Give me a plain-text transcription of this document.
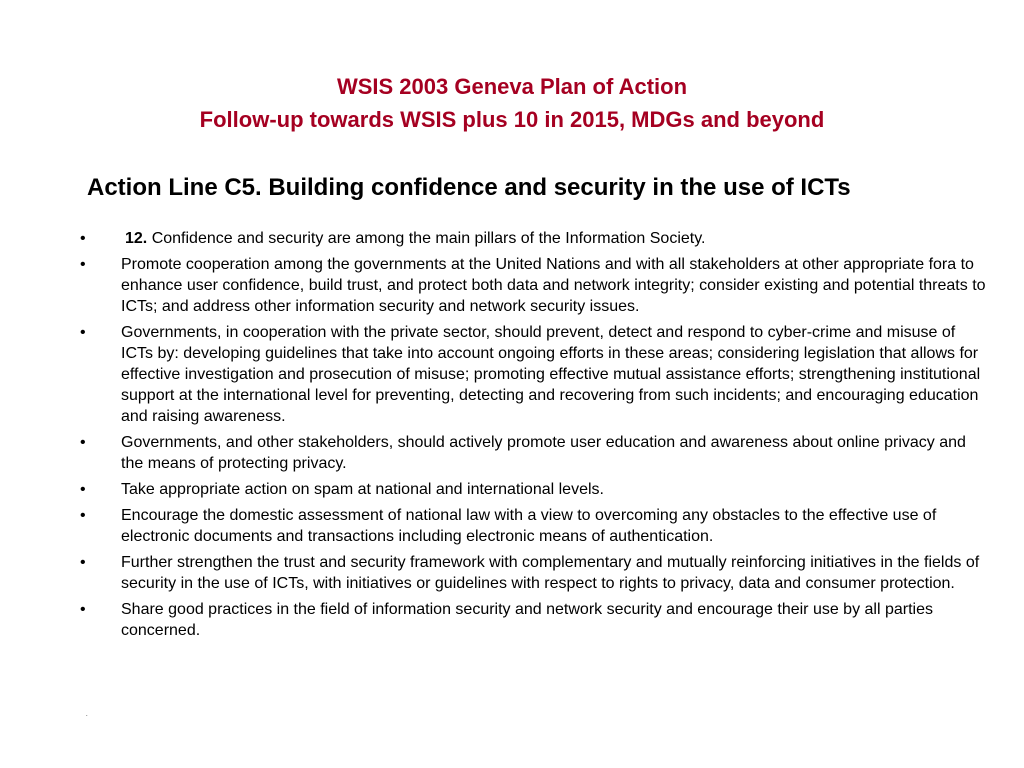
WSIS 2003 Geneva Plan of Action

Follow-up towards WSIS plus 10 in 2015, MDGs and beyond

Action Line C5. Building confidence and security in the use of ICTs
•	12. Confidence and security are among the main pillars of the Information Society.
•	Promote cooperation among the governments at the United Nations and with all stakeholders at other appropriate fora to enhance user confidence, build trust, and protect both data and network integrity; consider existing and potential threats to ICTs; and address other information security and network security issues.
•	Governments, in cooperation with the private sector, should prevent, detect and respond to cyber-crime and misuse of ICTs by: developing guidelines that take into account ongoing efforts in these areas; considering legislation that allows for effective investigation and prosecution of misuse; promoting effective mutual assistance efforts; strengthening institutional support at the international level for preventing, detecting and recovering from such incidents; and encouraging education and raising awareness.
•	Governments, and other stakeholders, should actively promote user education and awareness about online privacy and the means of protecting privacy.
•	Take appropriate action on spam at national and international levels.
•	Encourage the domestic assessment of national law with a view to overcoming any obstacles to the effective use of electronic documents and transactions including electronic means of authentication.
•	Further strengthen the trust and security framework with complementary and mutually reinforcing initiatives in the fields of security in the use of ICTs, with initiatives or guidelines with respect to rights to privacy, data and consumer protection.
•	Share good practices in the field of information security and network security and encourage their use by all parties concerned.
.
